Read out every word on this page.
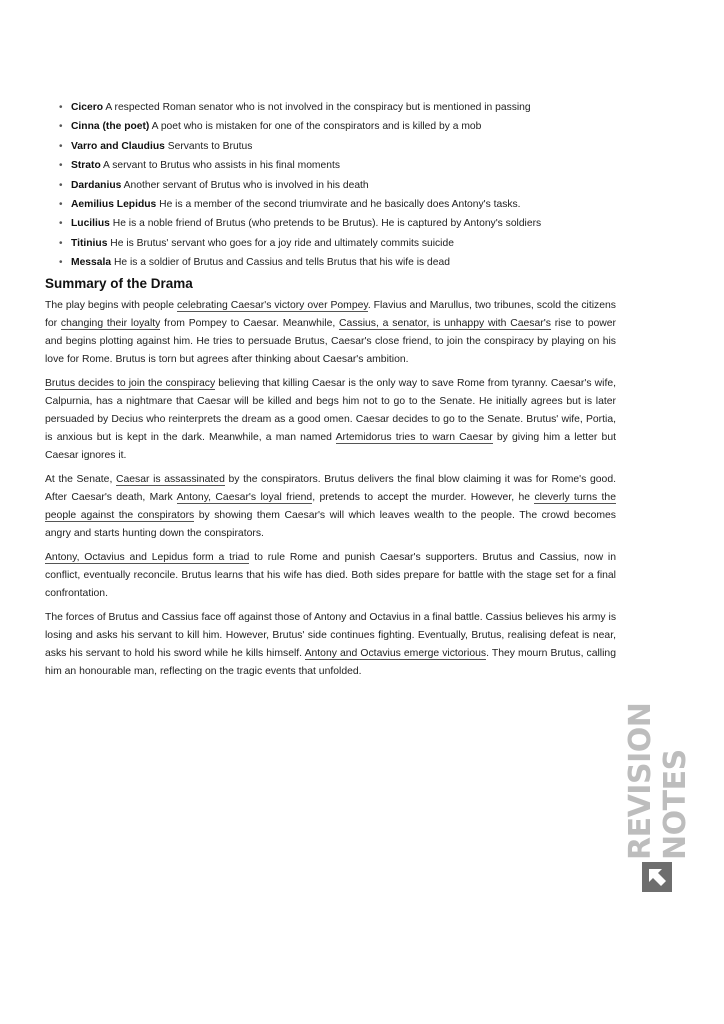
• Cicero A respected Roman senator who is not involved in the conspiracy but is mentioned in passing
• Cinna (the poet) A poet who is mistaken for one of the conspirators and is killed by a mob
• Varro and Claudius Servants to Brutus
• Strato A servant to Brutus who assists in his final moments
• Dardanius Another servant of Brutus who is involved in his death
• Aemilius Lepidus He is a member of the second triumvirate and he basically does Antony's tasks.
• Lucilius He is a noble friend of Brutus (who pretends to be Brutus). He is captured by Antony's soldiers
• Titinius He is Brutus' servant who goes for a joy ride and ultimately commits suicide
• Messala He is a soldier of Brutus and Cassius and tells Brutus that his wife is dead
Summary of the Drama

The play begins with people celebrating Caesar's victory over Pompey. Flavius and Marullus, two tribunes, scold the citizens for changing their loyalty from Pompey to Caesar. Meanwhile, Cassius, a senator, is unhappy with Caesar's rise to power and begins plotting against him. He tries to persuade Brutus, Caesar's close friend, to join the conspiracy by playing on his love for Rome. Brutus is torn but agrees after thinking about Caesar's ambition.

Brutus decides to join the conspiracy believing that killing Caesar is the only way to save Rome from tyranny. Caesar's wife, Calpurnia, has a nightmare that Caesar will be killed and begs him not to go to the Senate. He initially agrees but is later persuaded by Decius who reinterprets the dream as a good omen. Caesar decides to go to the Senate. Brutus' wife, Portia, is anxious but is kept in the dark. Meanwhile, a man named Artemidorus tries to warn Caesar by giving him a letter but Caesar ignores it.

At the Senate, Caesar is assassinated by the conspirators. Brutus delivers the final blow claiming it was for Rome's good. After Caesar's death, Mark Antony, Caesar's loyal friend, pretends to accept the murder. However, he cleverly turns the people against the conspirators by showing them Caesar's will which leaves wealth to the people. The crowd becomes angry and starts hunting down the conspirators.

Antony, Octavius and Lepidus form a triad to rule Rome and punish Caesar's supporters. Brutus and Cassius, now in conflict, eventually reconcile. Brutus learns that his wife has died. Both sides prepare for battle with the stage set for a final confrontation.

The forces of Brutus and Cassius face off against those of Antony and Octavius in a final battle. Cassius believes his army is losing and asks his servant to kill him. However, Brutus' side continues fighting. Eventually, Brutus, realising defeat is near, asks his servant to hold his sword while he kills himself. Antony and Octavius emerge victorious. They mourn Brutus, calling him an honourable man, reflecting on the tragic events that unfolded.

REVISION NOTES
